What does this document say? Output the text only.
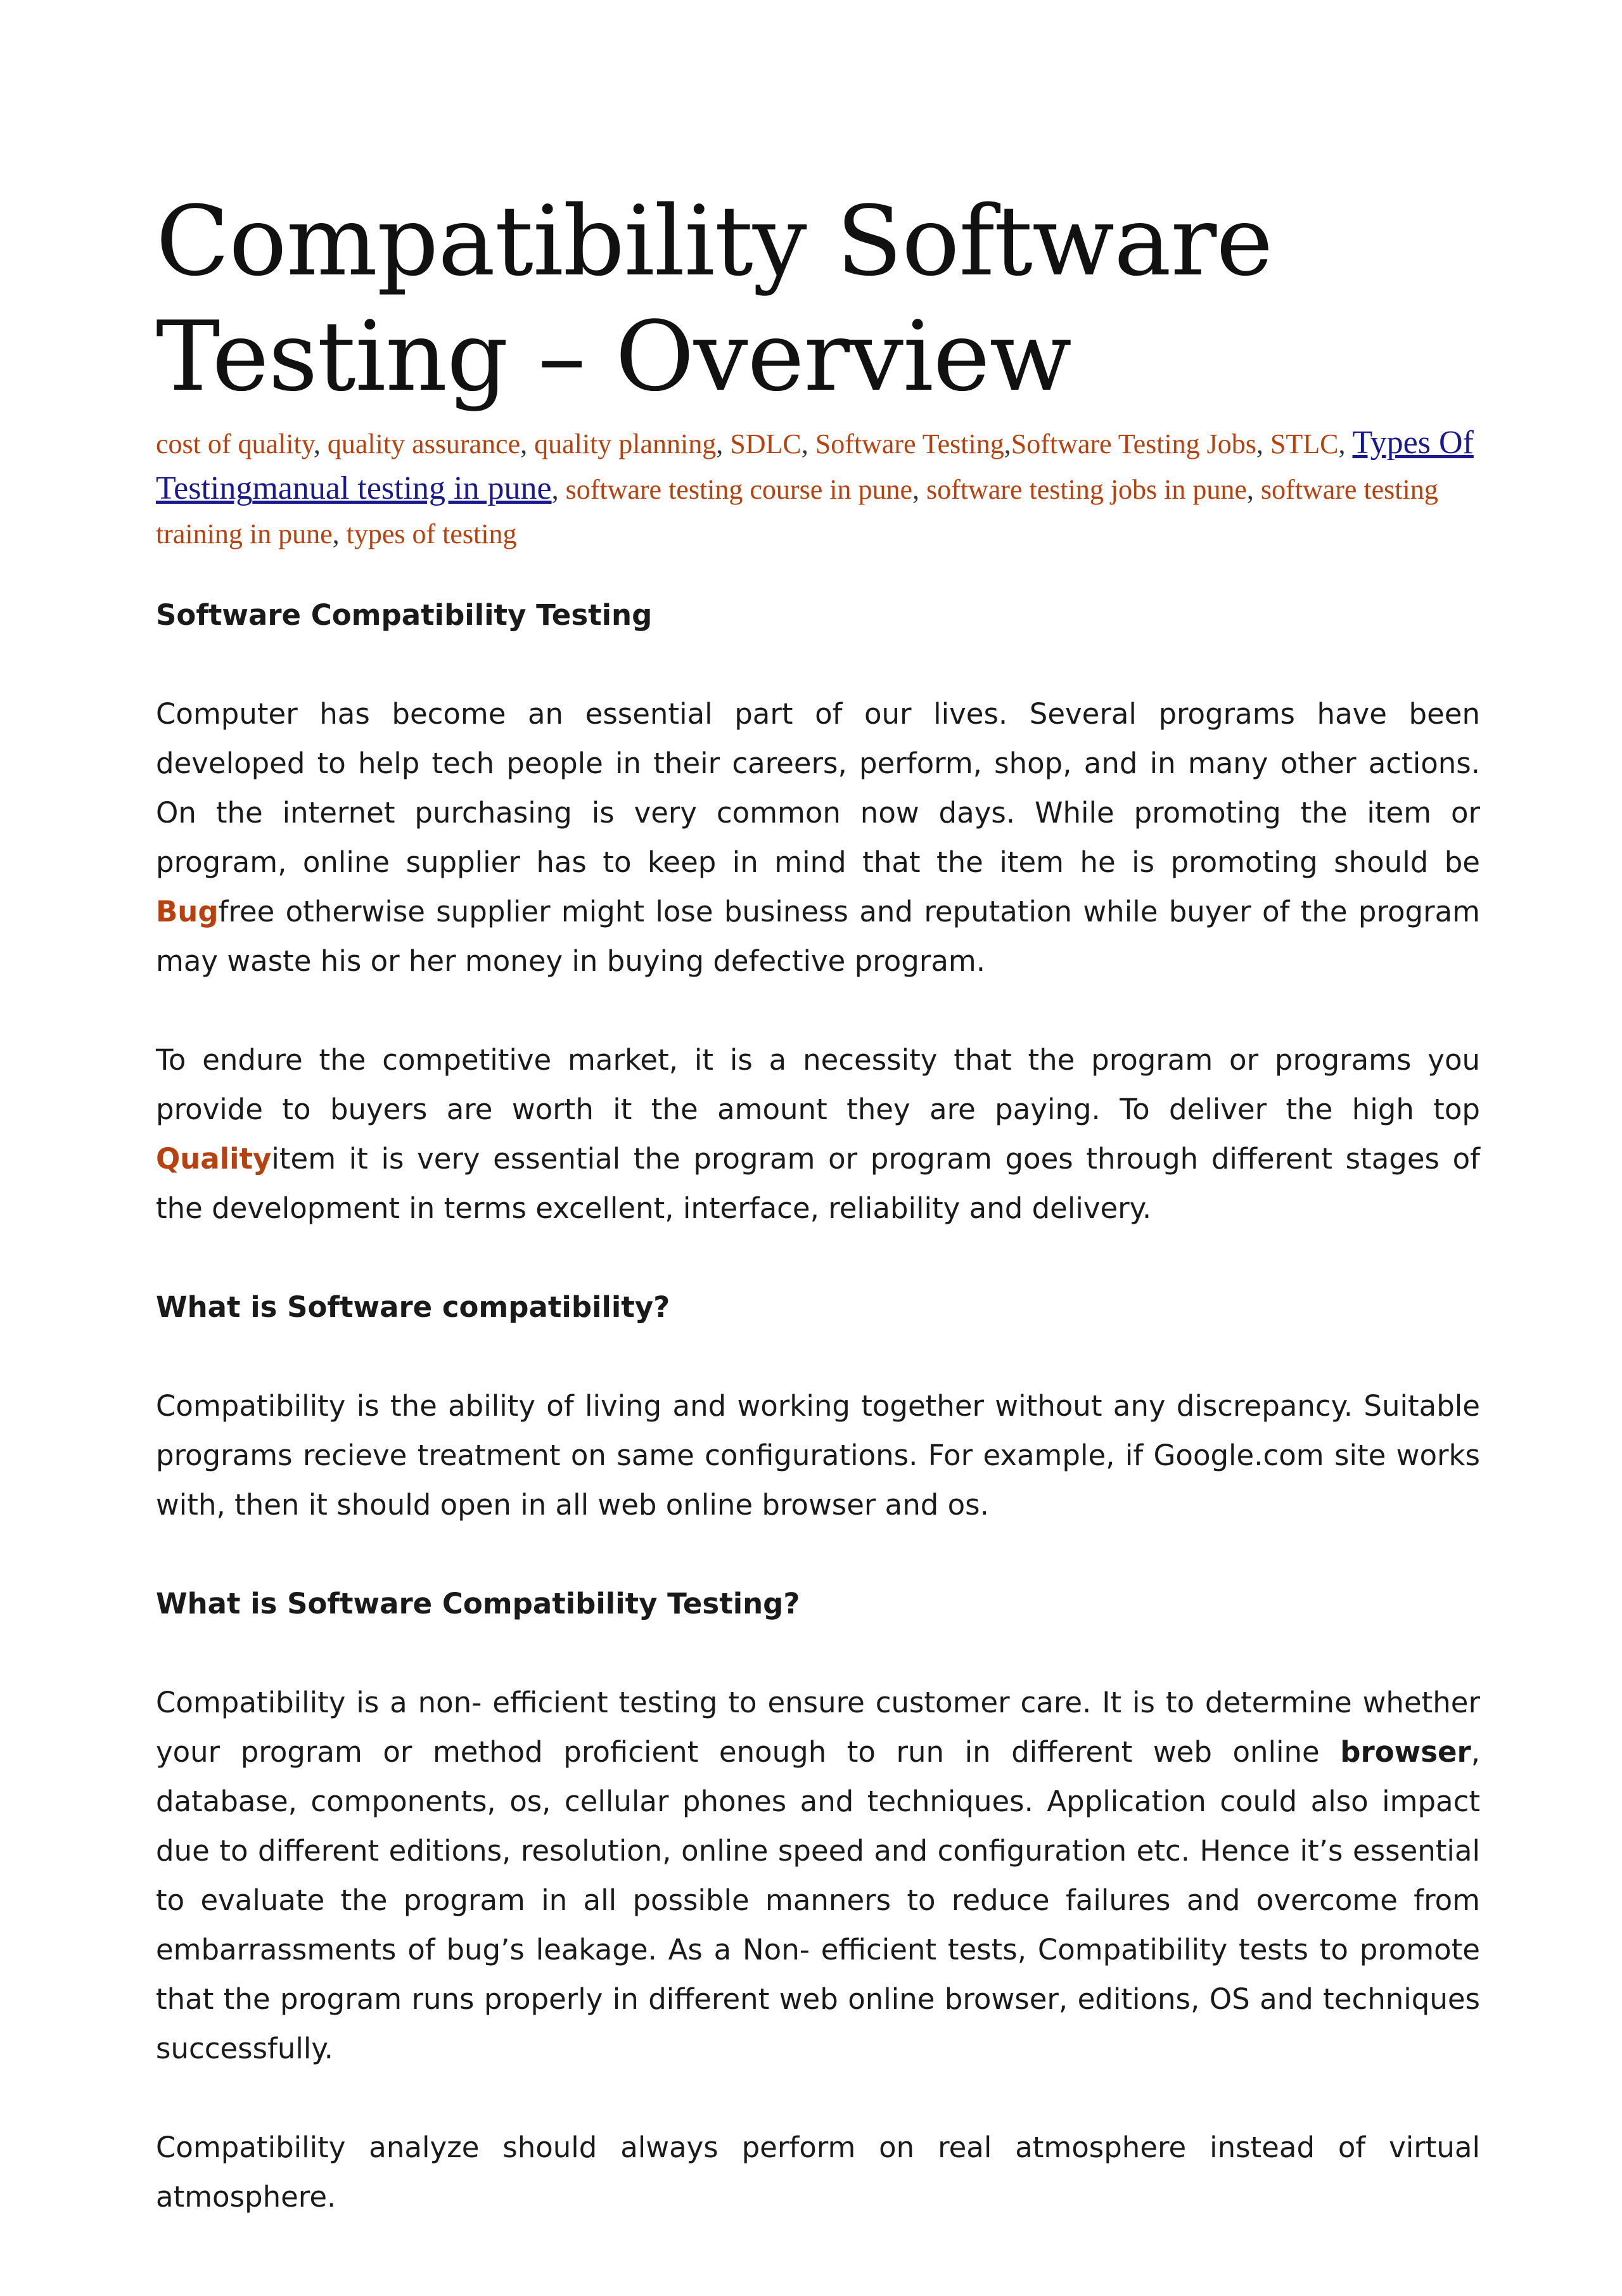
Compatibility Software
Testing – Overview
cost of quality, quality assurance, quality planning, SDLC, Software Testing,Software Testing Jobs, STLC, Types Of Testingmanual testing in pune, software testing course in pune, software testing jobs in pune, software testing training in pune, types of testing

Software Compatibility Testing

Computer has become an essential part of our lives. Several programs have been developed to help tech people in their careers, perform, shop, and in many other actions. On the internet purchasing is very common now days. While promoting the item or program, online supplier has to keep in mind that the item he is promoting should be Bugfree otherwise supplier might lose business and reputation while buyer of the program may waste his or her money in buying defective program.

To endure the competitive market, it is a necessity that the program or programs you provide to buyers are worth it the amount they are paying. To deliver the high top Qualityitem it is very essential the program or program goes through different stages of the development in terms excellent, interface, reliability and delivery.

What is Software compatibility?

Compatibility is the ability of living and working together without any discrepancy. Suitable programs recieve treatment on same configurations. For example, if Google.com site works with, then it should open in all web online browser and os.

What is Software Compatibility Testing?

Compatibility is a non- efficient testing to ensure customer care. It is to determine whether your program or method proficient enough to run in different web online browser, database, components, os, cellular phones and techniques. Application could also impact due to different editions, resolution, online speed and configuration etc. Hence it’s essential to evaluate the program in all possible manners to reduce failures and overcome from embarrassments of bug’s leakage. As a Non- efficient tests, Compatibility tests to promote that the program runs properly in different web online browser, editions, OS and techniques successfully.

Compatibility analyze should always perform on real atmosphere instead of virtual atmosphere.
